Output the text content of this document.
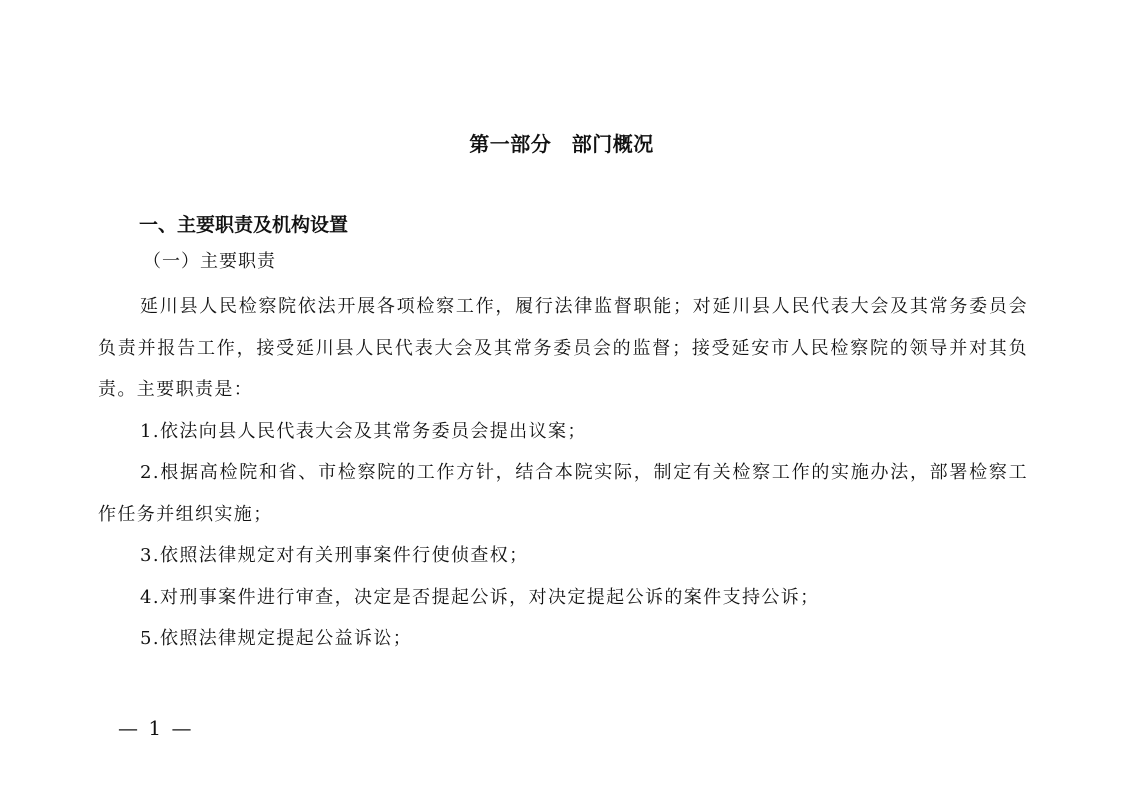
第一部分　部门概况
一、主要职责及机构设置
（一）主要职责

延川县人民检察院依法开展各项检察工作，履行法律监督职能；对延川县人民代表大会及其常务委员会负责并报告工作，接受延川县人民代表大会及其常务委员会的监督；接受延安市人民检察院的领导并对其负责。主要职责是：

1.依法向县人民代表大会及其常务委员会提出议案；

2.根据高检院和省、市检察院的工作方针，结合本院实际，制定有关检察工作的实施办法，部署检察工作任务并组织实施；

3.依照法律规定对有关刑事案件行使侦查权；

4.对刑事案件进行审查，决定是否提起公诉，对决定提起公诉的案件支持公诉；

5.依照法律规定提起公益诉讼；

— 1 —
